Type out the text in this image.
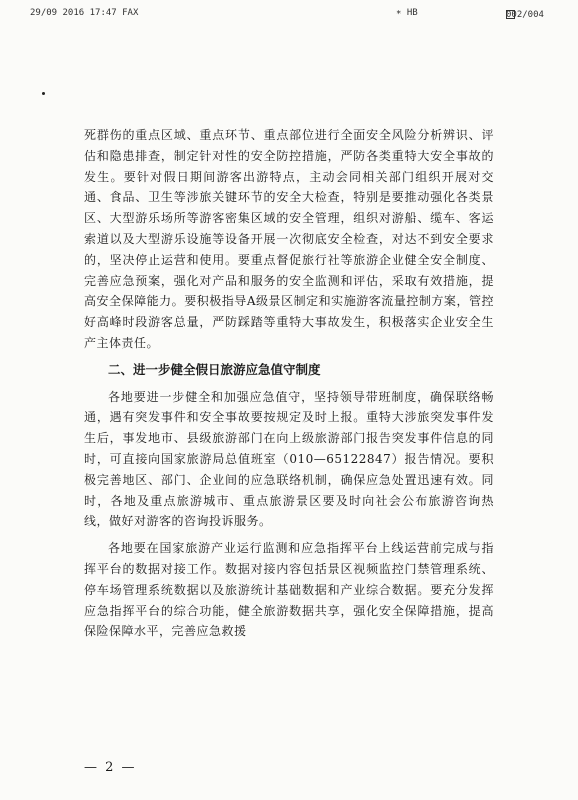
29/09 2016 17:47 FAX	∗ HB	002/004

死群伤的重点区域、重点环节、重点部位进行全面安全风险分析辨识、评估和隐患排查，制定针对性的安全防控措施，严防各类重特大安全事故的发生。要针对假日期间游客出游特点，主动会同相关部门组织开展对交通、食品、卫生等涉旅关键环节的安全大检查，特别是要推动强化各类景区、大型游乐场所等游客密集区域的安全管理，组织对游船、缆车、客运索道以及大型游乐设施等设备开展一次彻底安全检查，对达不到安全要求的，坚决停止运营和使用。要重点督促旅行社等旅游企业健全安全制度、完善应急预案，强化对产品和服务的安全监测和评估，采取有效措施，提高安全保障能力。要积极指导A级景区制定和实施游客流量控制方案，管控好高峰时段游客总量，严防踩踏等重特大事故发生，积极落实企业安全生产主体责任。

二、进一步健全假日旅游应急值守制度

各地要进一步健全和加强应急值守，坚持领导带班制度，确保联络畅通，遇有突发事件和安全事故要按规定及时上报。重特大涉旅突发事件发生后，事发地市、县级旅游部门在向上级旅游部门报告突发事件信息的同时，可直接向国家旅游局总值班室（010—65122847）报告情况。要积极完善地区、部门、企业间的应急联络机制，确保应急处置迅速有效。同时，各地及重点旅游城市、重点旅游景区要及时向社会公布旅游咨询热线，做好对游客的咨询投诉服务。

各地要在国家旅游产业运行监测和应急指挥平台上线运营前完成与指挥平台的数据对接工作。数据对接内容包括景区视频监控门禁管理系统、停车场管理系统数据以及旅游统计基础数据和产业综合数据。要充分发挥应急指挥平台的综合功能，健全旅游数据共享，强化安全保障措施，提高保险保障水平，完善应急救援

— 2 —
